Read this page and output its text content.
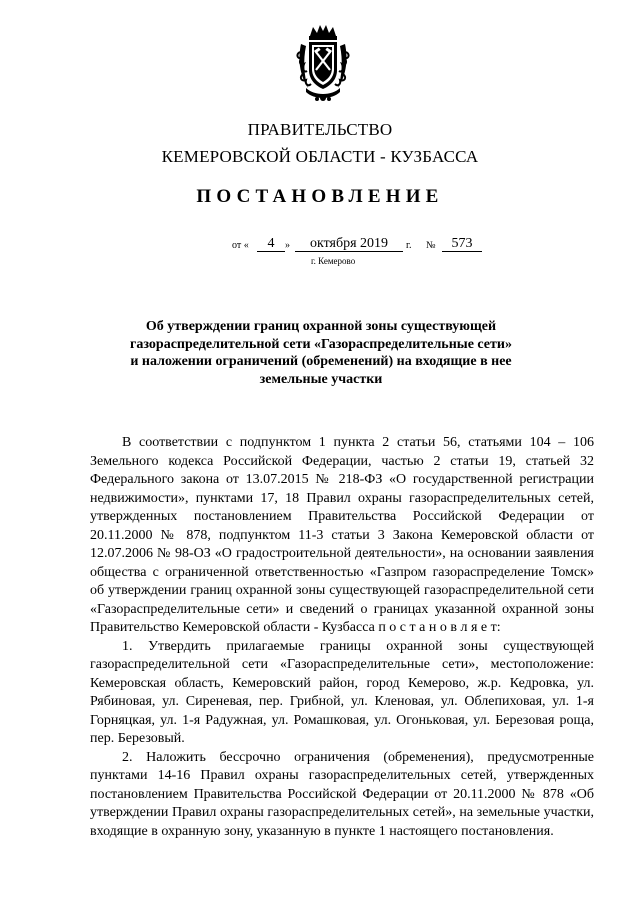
ПРАВИТЕЛЬСТВО
КЕМЕРОВСКОЙ ОБЛАСТИ - КУЗБАССА
ПОСТАНОВЛЕНИЕ
от «	4	»	октября 2019	г. №	573
г. Кемерово
Об утверждении границ охранной зоны существующей
газораспределительной сети «Газораспределительные сети»
и наложении ограничений (обременений) на входящие в нее
земельные участки

В соответствии с подпунктом 1 пункта 2 статьи 56, статьями 104 – 106 Земельного кодекса Российской Федерации, частью 2 статьи 19, статьей 32 Федерального закона от 13.07.2015 № 218-ФЗ «О государственной регистрации недвижимости», пунктами 17, 18 Правил охраны газораспределительных сетей, утвержденных постановлением Правительства Российской Федерации от 20.11.2000 № 878, подпунктом 11-3 статьи 3 Закона Кемеровской области от 12.07.2006 № 98-ОЗ «О градостроительной деятельности», на основании заявления общества с ограниченной ответственностью «Газпром газораспределение Томск» об утверждении границ охранной зоны существующей газораспределительной сети «Газораспределительные сети» и сведений о границах указанной охранной зоны Правительство Кемеровской области - Кузбасса п о с т а н о в л я е т:

1. Утвердить прилагаемые границы охранной зоны существующей газораспределительной сети «Газораспределительные сети», местоположение: Кемеровская область, Кемеровский район, город Кемерово, ж.р. Кедровка, ул. Рябиновая, ул. Сиреневая, пер. Грибной, ул. Кленовая, ул. Облепиховая, ул. 1-я Горняцкая, ул. 1-я Радужная, ул. Ромашковая, ул. Огоньковая, ул. Березовая роща, пер. Березовый.

2. Наложить бессрочно ограничения (обременения), предусмотренные пунктами 14-16 Правил охраны газораспределительных сетей, утвержденных постановлением Правительства Российской Федерации от 20.11.2000 № 878 «Об утверждении Правил охраны газораспределительных сетей», на земельные участки, входящие в охранную зону, указанную в пункте 1 настоящего постановления.
